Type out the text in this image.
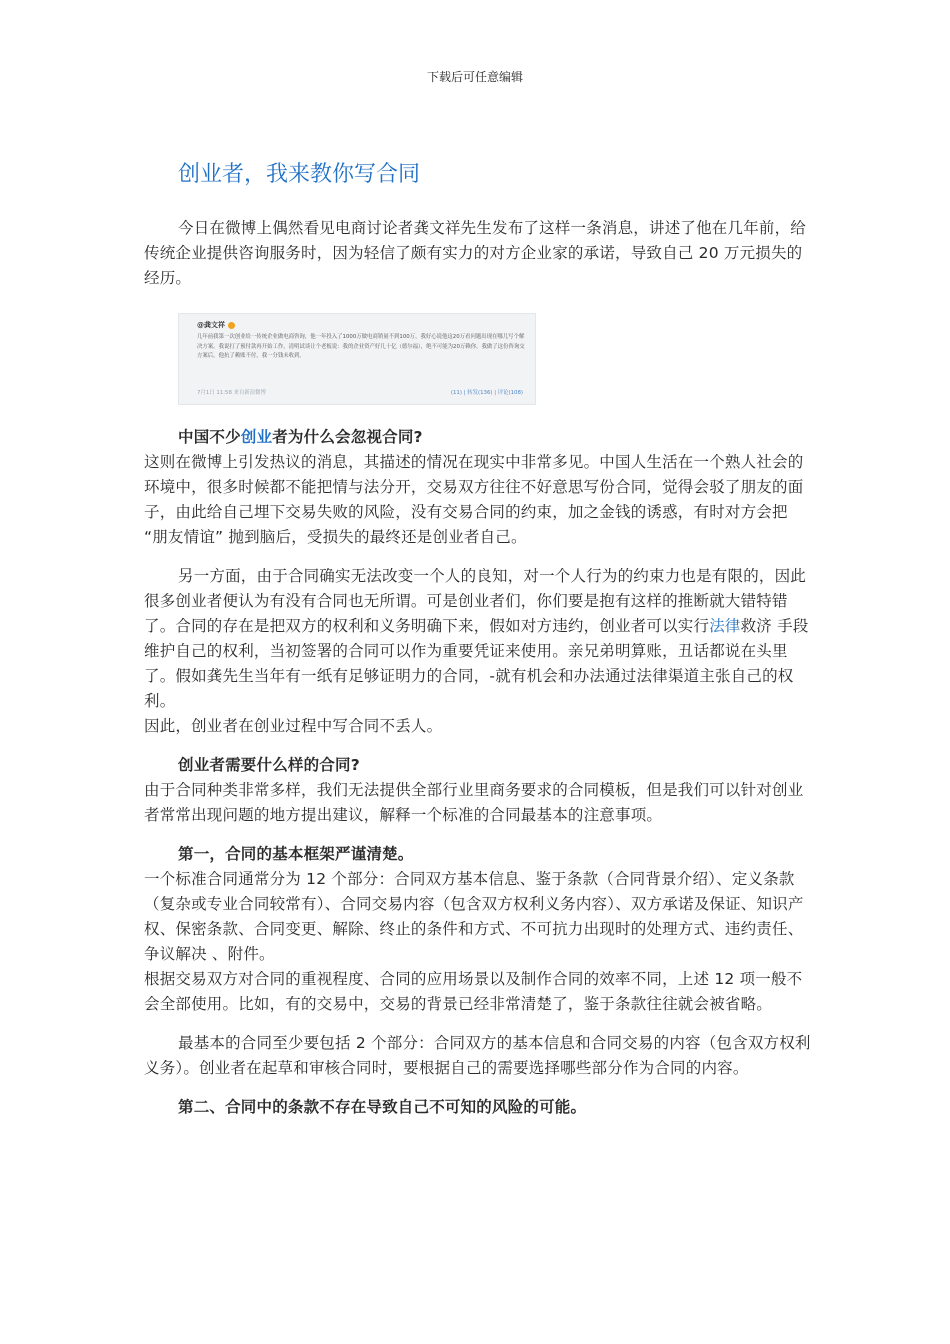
下载后可任意编辑
创业者，我来教你写合同

今日在微博上偶然看见电商讨论者龚文祥先生发布了这样一条消息，讲述了他在几年前，给传统企业提供咨询服务时，因为轻信了颇有实力的对方企业家的承诺，导致自己 20 万元损失的经历。

@龚文祥
几年前我第一次创业给一传统企业做电商咨询，他一年投入了1000万做电商销量不到100万，我好心说他这20万看问题出现在哪儿写个解决方案。我说打了预付款再开始工作，清明试谈让个老板说：我的企业资产好几十亿（德尔福），绝不可能为20万赖你。我做了这份咨询交方案后，他抗了赖账不付，我一分钱未收到。
7月1日 11:58 来自新浪微博	(11) | 转发(136) | 评论(108)

中国不少创业者为什么会忽视合同?

这则在微博上引发热议的消息，其描述的情况在现实中非常多见。中国人生活在一个熟人社会的环境中，很多时候都不能把情与法分开，交易双方往往不好意思写份合同，觉得会驳了朋友的面子，由此给自己埋下交易失败的风险，没有交易合同的约束，加之金钱的诱惑，有时对方会把 “朋友情谊” 抛到脑后，受损失的最终还是创业者自己。

另一方面，由于合同确实无法改变一个人的良知，对一个人行为的约束力也是有限的，因此很多创业者便认为有没有合同也无所谓。可是创业者们，你们要是抱有这样的推断就大错特错了。合同的存在是把双方的权利和义务明确下来，假如对方违约，创业者可以实行法律救济 手段维护自己的权利，当初签署的合同可以作为重要凭证来使用。亲兄弟明算账，丑话都说在头里了。假如龚先生当年有一纸有足够证明力的合同，-就有机会和办法通过法律渠道主张自己的权利。

因此，创业者在创业过程中写合同不丢人。

创业者需要什么样的合同?

由于合同种类非常多样，我们无法提供全部行业里商务要求的合同模板，但是我们可以针对创业者常常出现问题的地方提出建议，解释一个标准的合同最基本的注意事项。

第一，合同的基本框架严谨清楚。

一个标准合同通常分为 12 个部分：合同双方基本信息、鉴于条款（合同背景介绍）、定义条款（复杂或专业合同较常有）、合同交易内容（包含双方权利义务内容）、双方承诺及保证、知识产权、保密条款、合同变更、解除、终止的条件和方式、不可抗力出现时的处理方式、违约责任、争议解决 、附件。

根据交易双方对合同的重视程度、合同的应用场景以及制作合同的效率不同，上述 12 项一般不会全部使用。比如，有的交易中，交易的背景已经非常清楚了，鉴于条款往往就会被省略。

最基本的合同至少要包括 2 个部分：合同双方的基本信息和合同交易的内容（包含双方权利义务）。创业者在起草和审核合同时，要根据自己的需要选择哪些部分作为合同的内容。

第二、合同中的条款不存在导致自己不可知的风险的可能。
